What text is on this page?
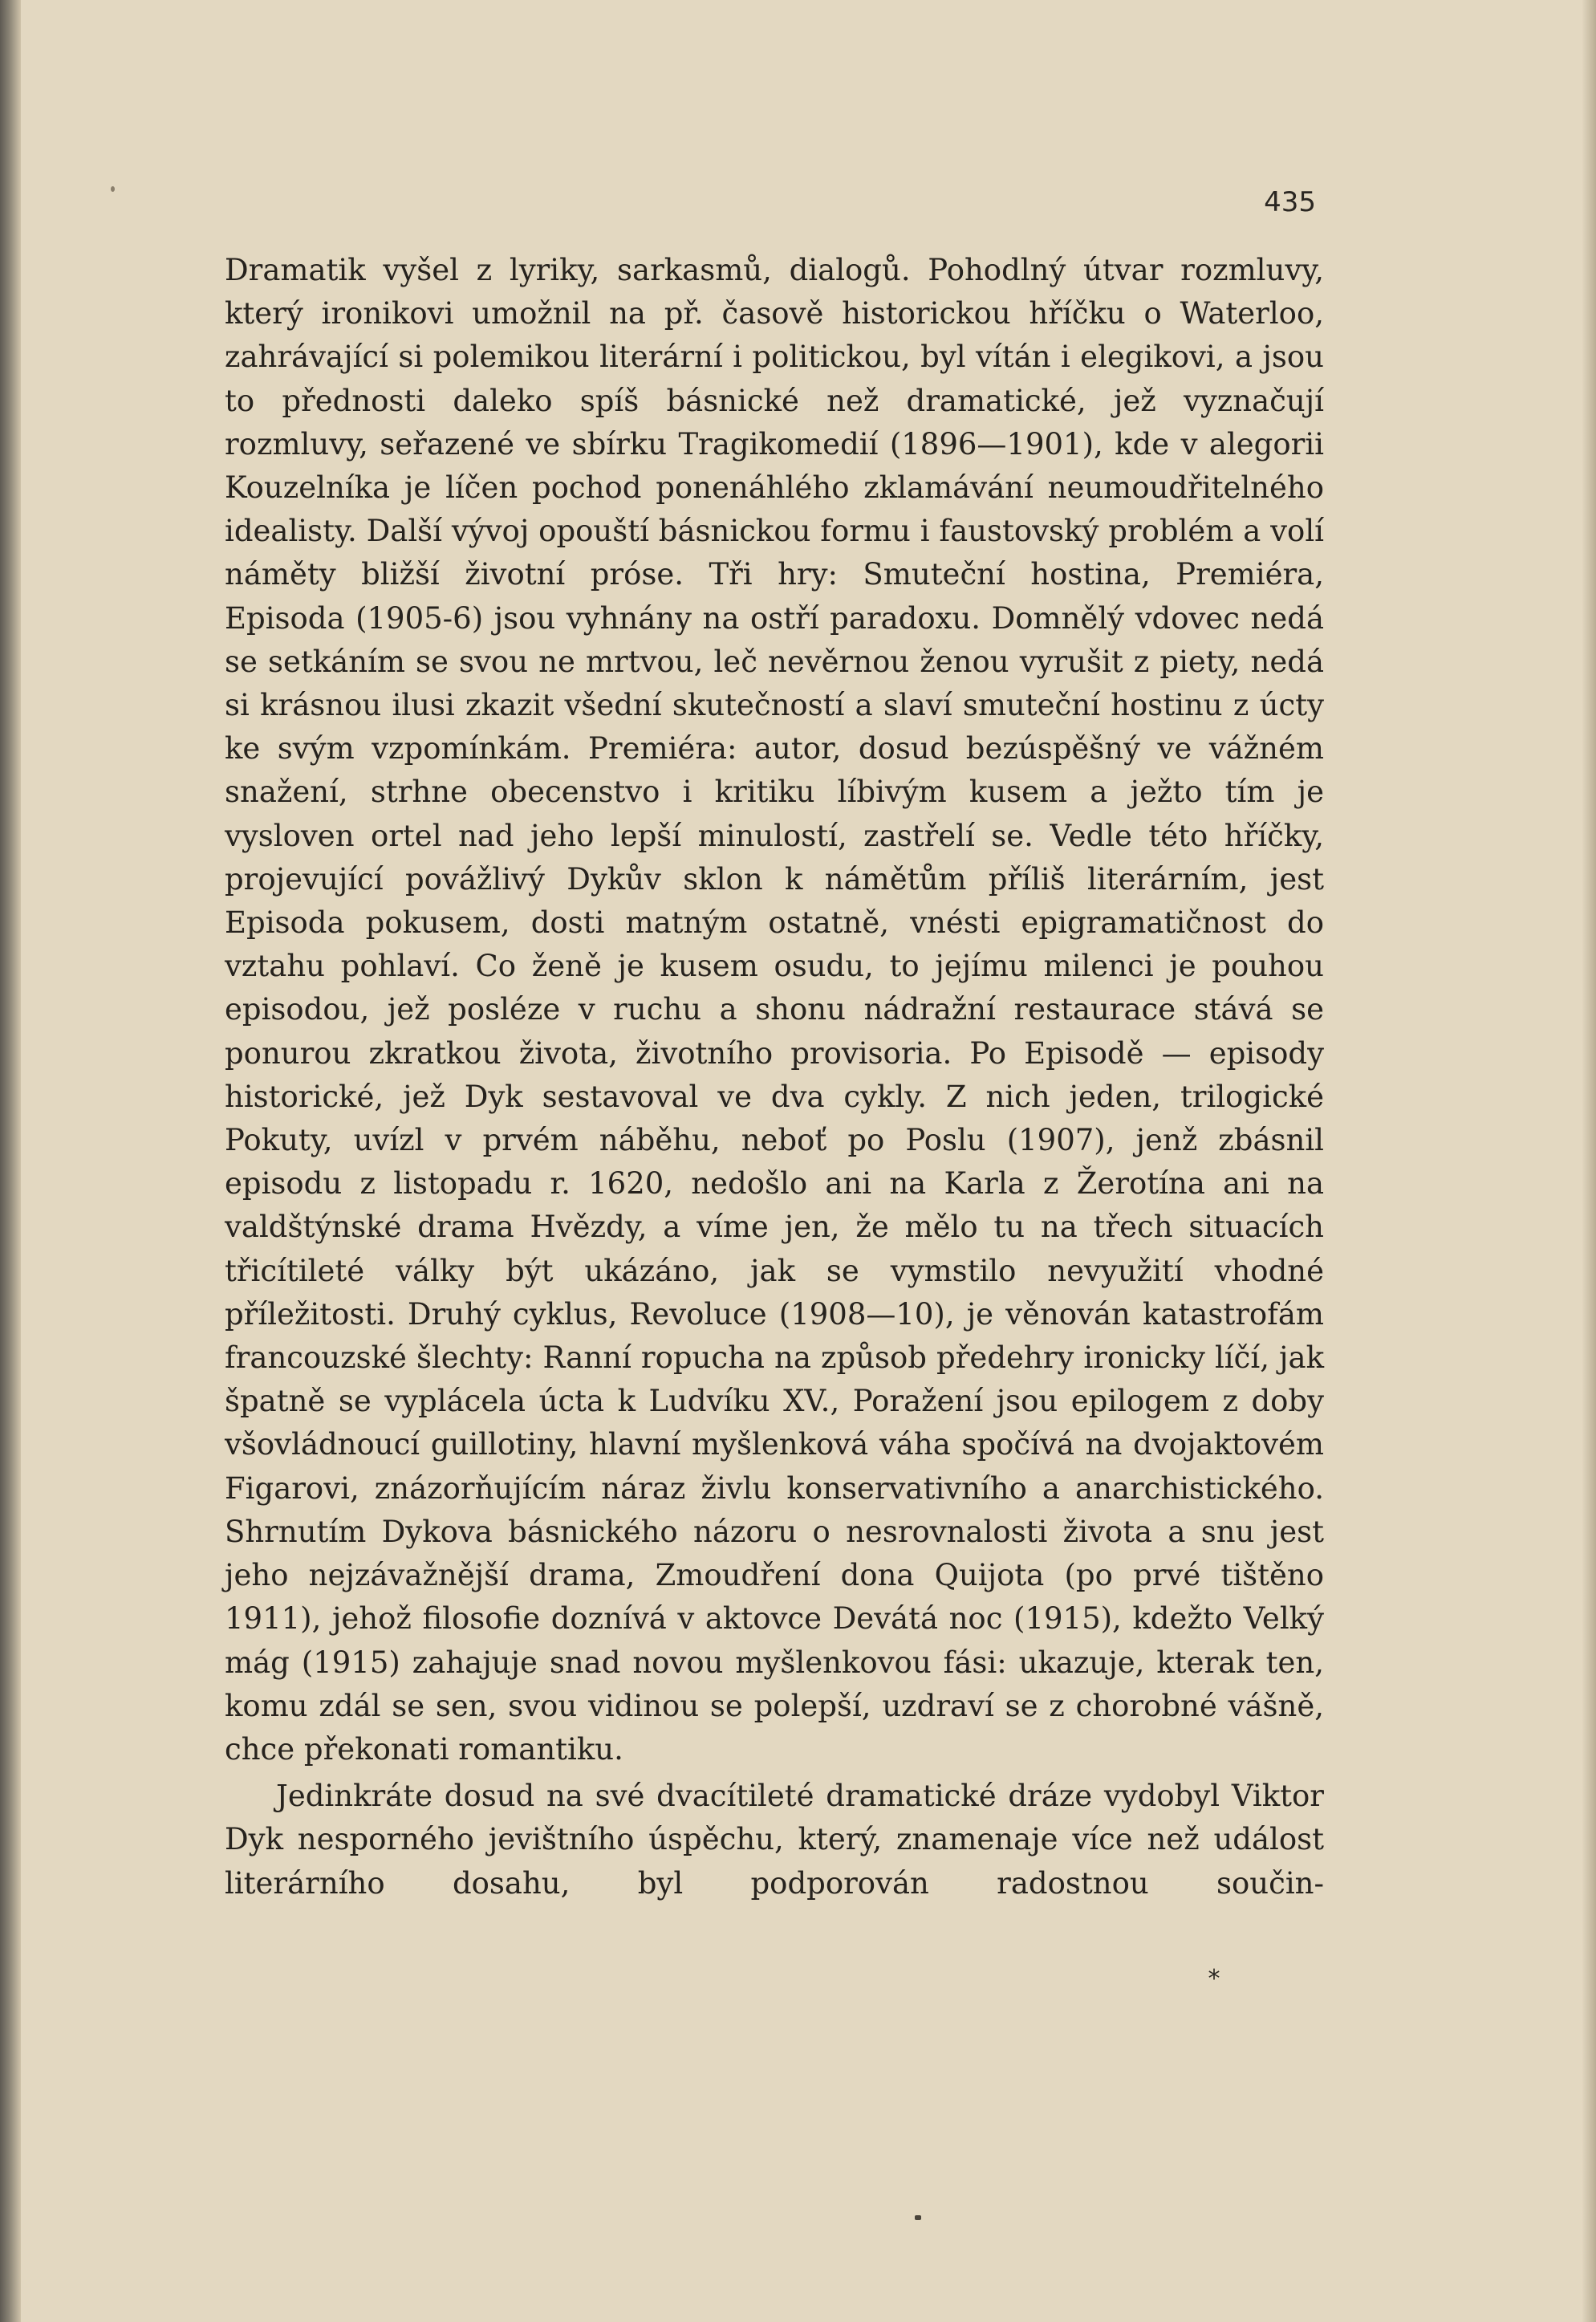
435

Dramatik vyšel z lyriky, sarkasmů, dialogů. Pohodlný útvar rozmluvy, který ironikovi umožnil na př. časově historickou hříčku o Waterloo, zahrávající si polemikou literární i politickou, byl vítán i elegikovi, a jsou to přednosti daleko spíš básnické než dramatické, jež vyznačují rozmluvy, seřazené ve sbírku Tragikomedií (1896—1901), kde v alegorii Kouzelníka je líčen pochod ponenáhlého zklamávání neumoudřitelného idealisty. Další vývoj opouští básnickou formu i faustovský problém a volí náměty bližší životní próse. Tři hry: Smuteční hostina, Premiéra, Episoda (1905-6) jsou vyhnány na ostří paradoxu. Domnělý vdovec nedá se setkáním se svou ne mrtvou, leč nevěrnou ženou vyrušit z piety, nedá si krásnou ilusi zkazit všední skutečností a slaví smuteční hostinu z úcty ke svým vzpomínkám. Premiéra: autor, dosud bezúspěšný ve vážném snažení, strhne obecenstvo i kritiku líbivým kusem a ježto tím je vysloven ortel nad jeho lepší minulostí, zastřelí se. Vedle této hříčky, projevující povážlivý Dykův sklon k námětům příliš literárním, jest Episoda pokusem, dosti matným ostatně, vnésti epigramatičnost do vztahu pohlaví. Co ženě je kusem osudu, to jejímu milenci je pouhou episodou, jež posléze v ruchu a shonu nádražní restaurace stává se ponurou zkratkou života, životního provisoria. Po Episodě — episody historické, jež Dyk sestavoval ve dva cykly. Z nich jeden, trilogické Pokuty, uvízl v prvém náběhu, neboť po Poslu (1907), jenž zbásnil episodu z listopadu r. 1620, nedošlo ani na Karla z Žerotína ani na valdštýnské drama Hvězdy, a víme jen, že mělo tu na třech situacích třicítileté války být ukázáno, jak se vymstilo nevyužití vhodné příležitosti. Druhý cyklus, Revoluce (1908—10), je věnován katastrofám francouzské šlechty: Ranní ropucha na způsob předehry ironicky líčí, jak špatně se vyplácela úcta k Ludvíku XV., Poražení jsou epilogem z doby všovládnoucí guillotiny, hlavní myšlenková váha spočívá na dvojaktovém Figarovi, znázorňujícím náraz živlu konservativního a anarchistického. Shrnutím Dykova básnického názoru o nesrovnalosti života a snu jest jeho nejzávažnější drama, Zmoudření dona Quijota (po prvé tištěno 1911), jehož filosofie doznívá v aktovce Devátá noc (1915), kdežto Velký mág (1915) zahajuje snad novou myšlenkovou fási: ukazuje, kterak ten, komu zdál se sen, svou vidinou se polepší, uzdraví se z chorobné vášně, chce překonati romantiku.

Jedinkráte dosud na své dvacítileté dramatické dráze vydobyl Viktor Dyk nesporného jevištního úspěchu, který, znamenaje více než událost literárního dosahu, byl podporován radostnou součin-

*
